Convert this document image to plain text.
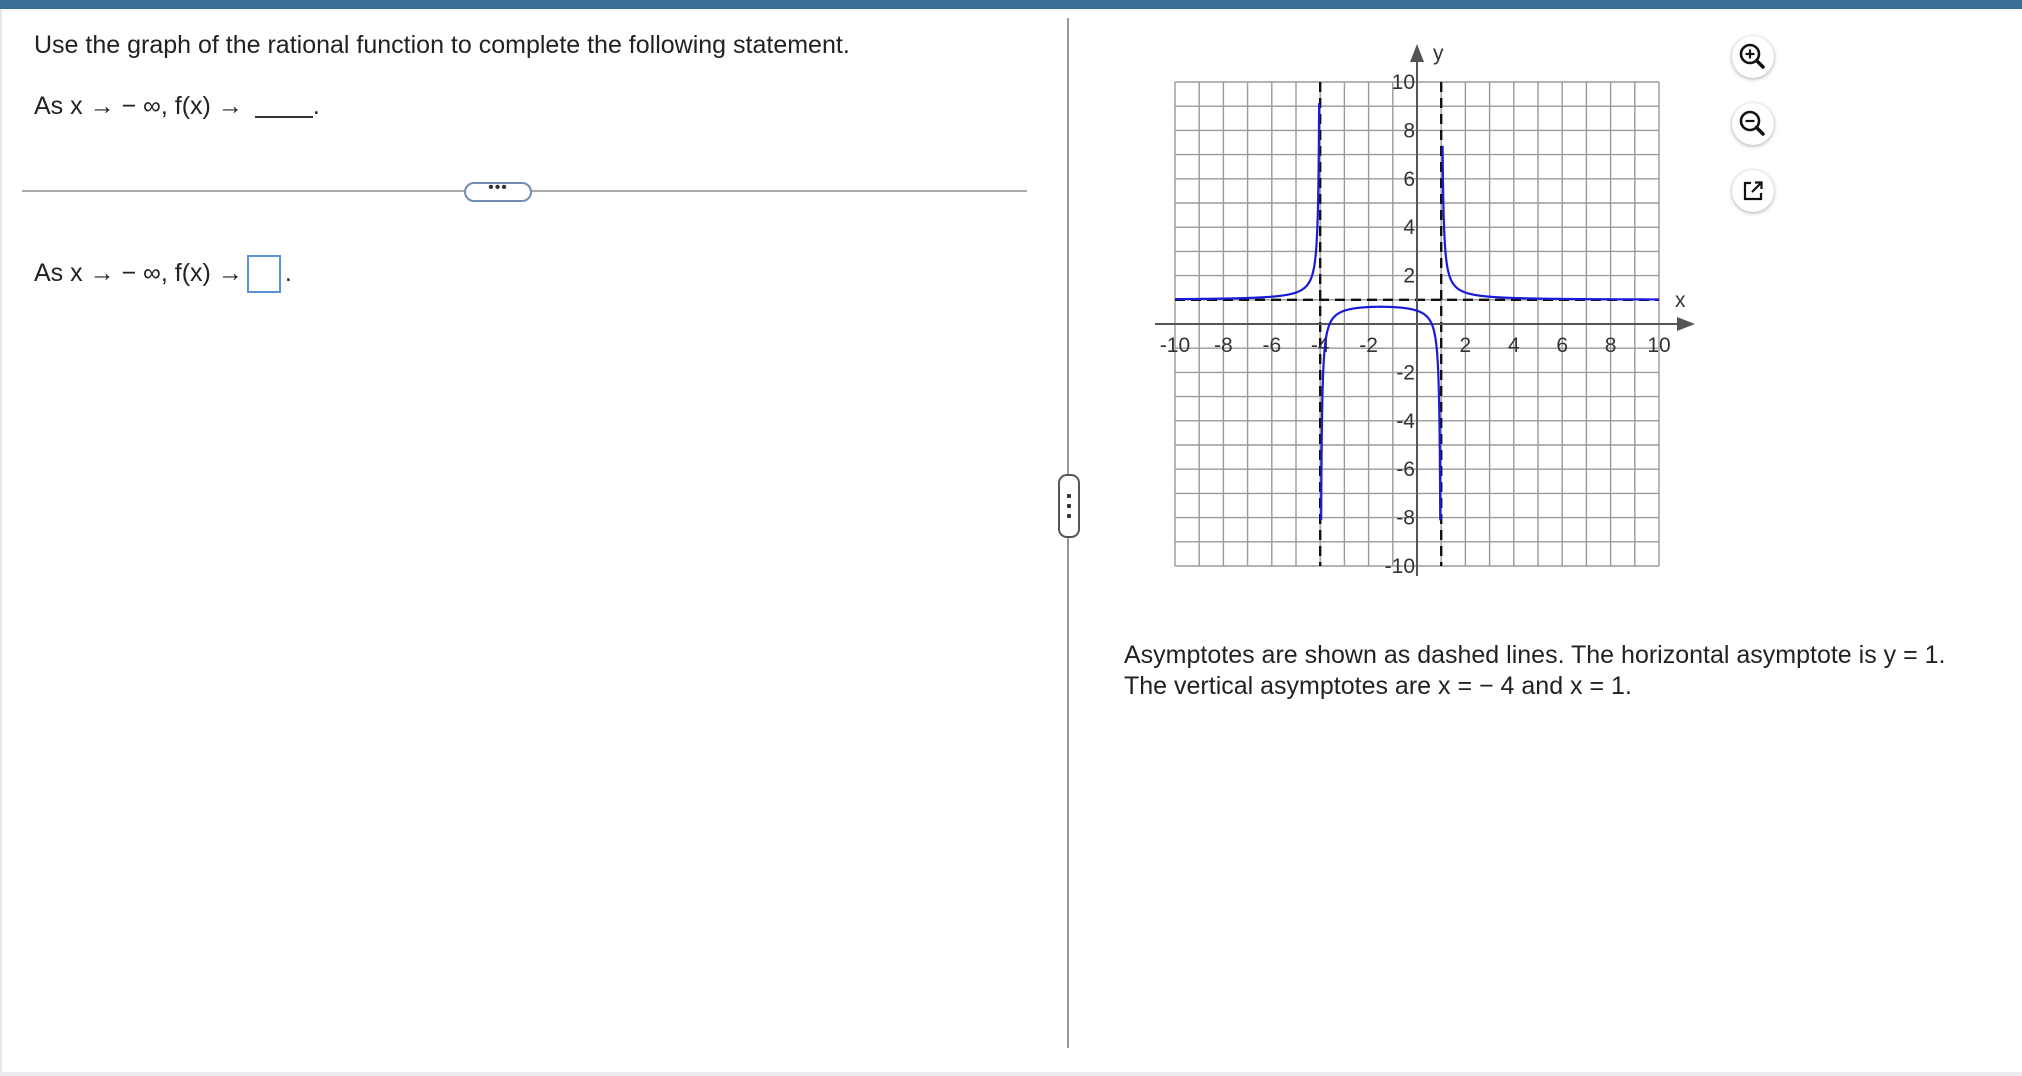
Use the graph of the rational function to complete the following statement.
As x → − ∞, f(x) →	.
•••
As x → − ∞, f(x) → .
x
y
-10 -8 -6 -4 -2	2 4 6 8 10
10
8
6
4
2
-2
-4
-6
-8
-10
Asymptotes are shown as dashed lines. The horizontal asymptote is y = 1.
The vertical asymptotes are x = − 4 and x = 1.
